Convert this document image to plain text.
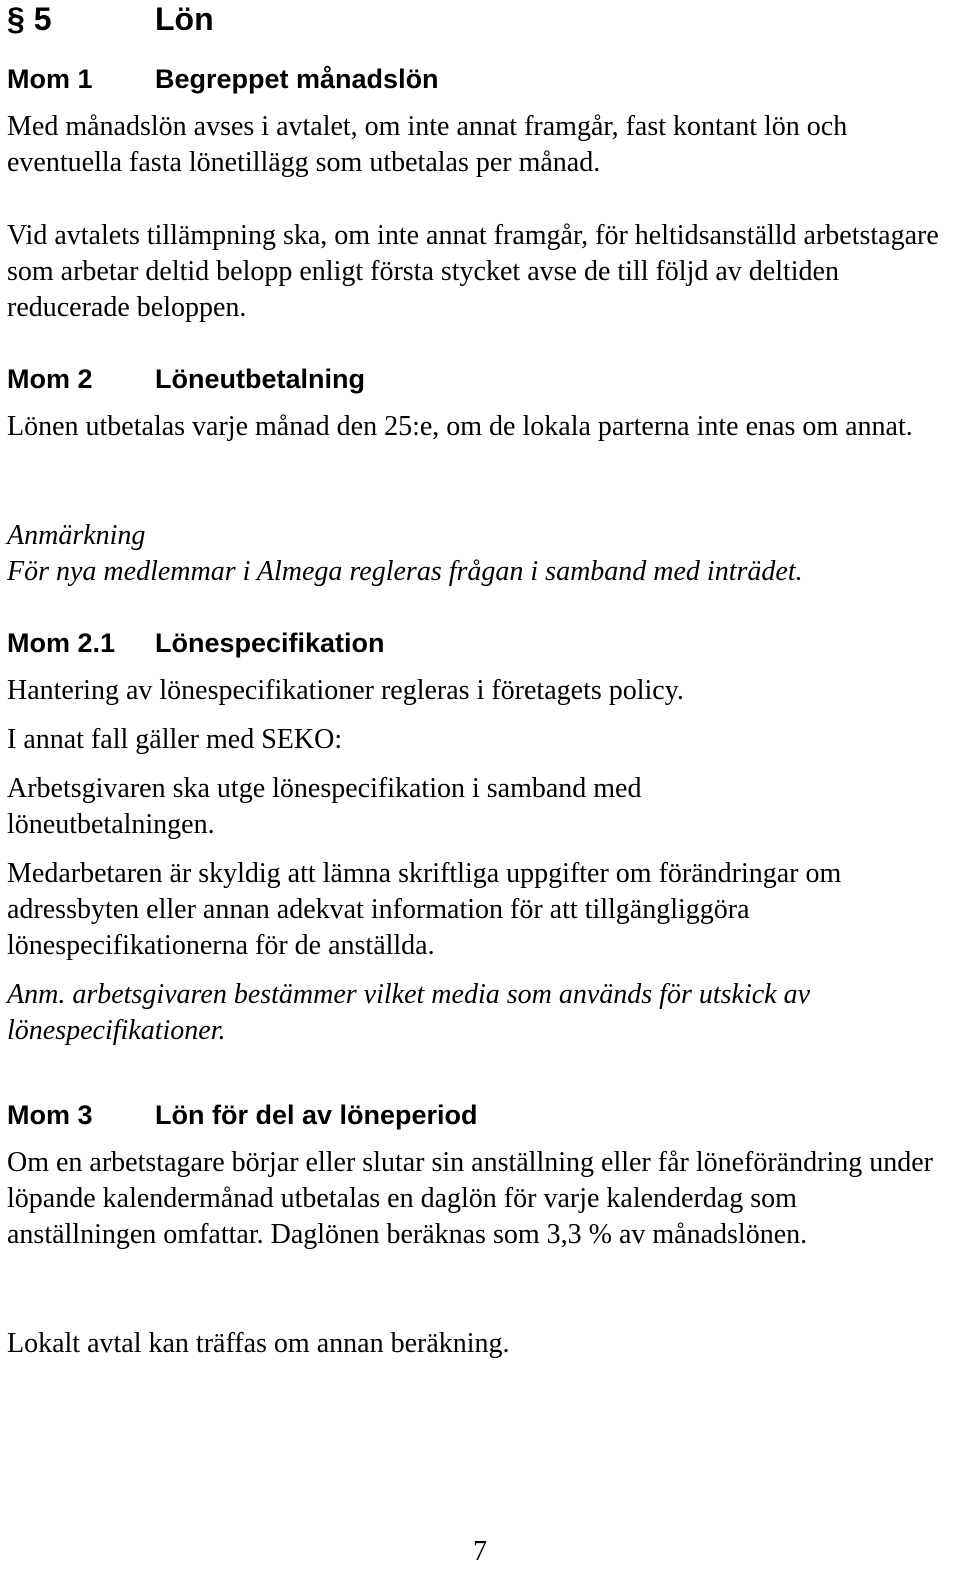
§ 5	Lön
Mom 1	Begreppet månadslön

Med månadslön avses i avtalet, om inte annat framgår, fast kontant lön och eventuella fasta lönetillägg som utbetalas per månad.

Vid avtalets tillämpning ska, om inte annat framgår, för heltidsanställd arbetstagare som arbetar deltid belopp enligt första stycket avse de till följd av deltiden reducerade beloppen.

Mom 2	Löneutbetalning

Lönen utbetalas varje månad den 25:e, om de lokala parterna inte enas om annat.

Anmärkning

För nya medlemmar i Almega regleras frågan i samband med inträdet.

Mom 2.1	Lönespecifikation

Hantering av lönespecifikationer regleras i företagets policy.

I annat fall gäller med SEKO:

Arbetsgivaren ska utge lönespecifikation i samband med löneutbetalningen.

Medarbetaren är skyldig att lämna skriftliga uppgifter om förändringar om adressbyten eller annan adekvat information för att tillgängliggöra lönespecifikationerna för de anställda.

Anm. arbetsgivaren bestämmer vilket media som används för utskick av lönespecifikationer.

Mom 3	Lön för del av löneperiod

Om en arbetstagare börjar eller slutar sin anställning eller får löneförändring under löpande kalendermånad utbetalas en daglön för varje kalenderdag som anställningen omfattar. Daglönen beräknas som 3,3 % av månadslönen.

Lokalt avtal kan träffas om annan beräkning.

7
